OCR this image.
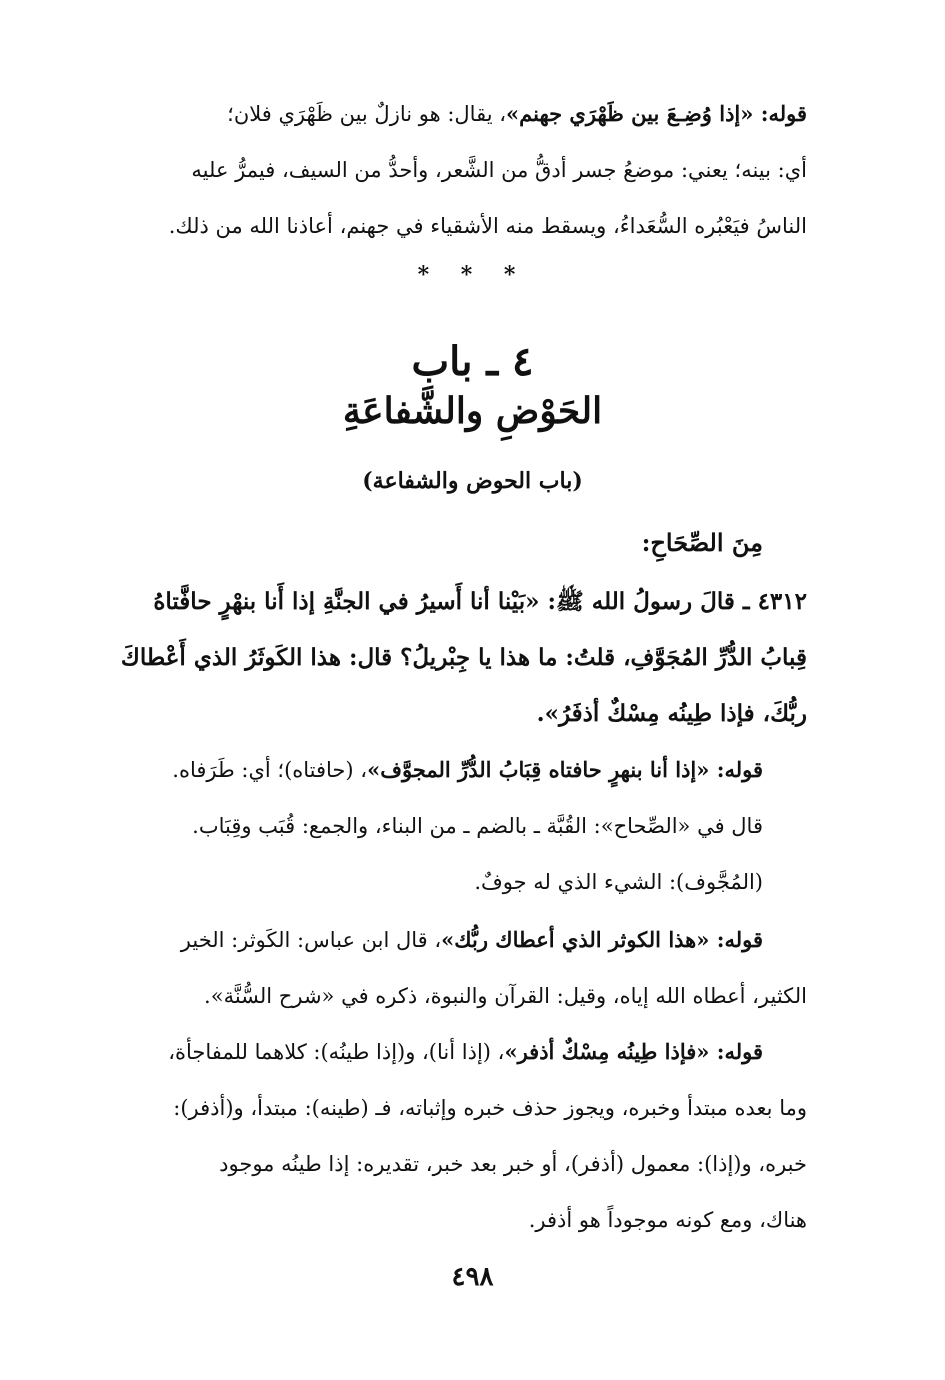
قوله: «إذا وُضِـعَ بين ظَهْرَي جهنم»، يقال: هو نازلٌ بين ظَهْرَي فلان؛
أي: بينه؛ يعني: موضعُ جسر أدقُّ من الشَّعر، وأحدُّ من السيف، فيمرُّ عليه
الناسُ فيَعْبُره السُّعَداءُ، ويسقط منه الأشقياء في جهنم، أعاذنا الله من ذلك.
* * *
٤ ـ باب
الحَوْضِ والشَّفاعَةِ
(باب الحوض والشفاعة)
مِنَ الصِّحَاحِ:
٤٣١٢ ـ قالَ رسولُ الله ﷺ: «بَيْنا أنا أَسيرُ في الجنَّةِ إذا أَنا بنهْرٍ حافَّتاهُ
قِبابُ الدُّرِّ المُجَوَّفِ، قلتُ: ما هذا يا جِبْريلُ؟ قال: هذا الكَوثَرُ الذي أَعْطاكَ
ربُّكَ، فإذا طِينُه مِسْكٌ أذفَرُ».
قوله: «إذا أنا بنهرٍ حافتاه قِبَابُ الدُّرِّ المجوَّف»، (حافتاه)؛ أي: طَرَفاه.
قال في «الصِّحاح»: القُبَّة ـ بالضم ـ من البناء، والجمع: قُبَب وقِبَاب.
(المُجَّوف): الشيء الذي له جوفٌ.
قوله: «هذا الكوثر الذي أعطاك ربُّك»، قال ابن عباس: الكَوثر: الخير
الكثير، أعطاه الله إياه، وقيل: القرآن والنبوة، ذكره في «شرح السُّنَّة».
قوله: «فإذا طِينُه مِسْكٌ أذفر»، (إذا أنا)، و(إذا طينُه): كلاهما للمفاجأة،
وما بعده مبتدأ وخبره، ويجوز حذف خبره وإثباته، فـ (طينه): مبتدأ، و(أذفر):
خبره، و(إذا): معمول (أذفر)، أو خبر بعد خبر، تقديره: إذا طينُه موجود
هناك، ومع كونه موجوداً هو أذفر.
٤٩٨
